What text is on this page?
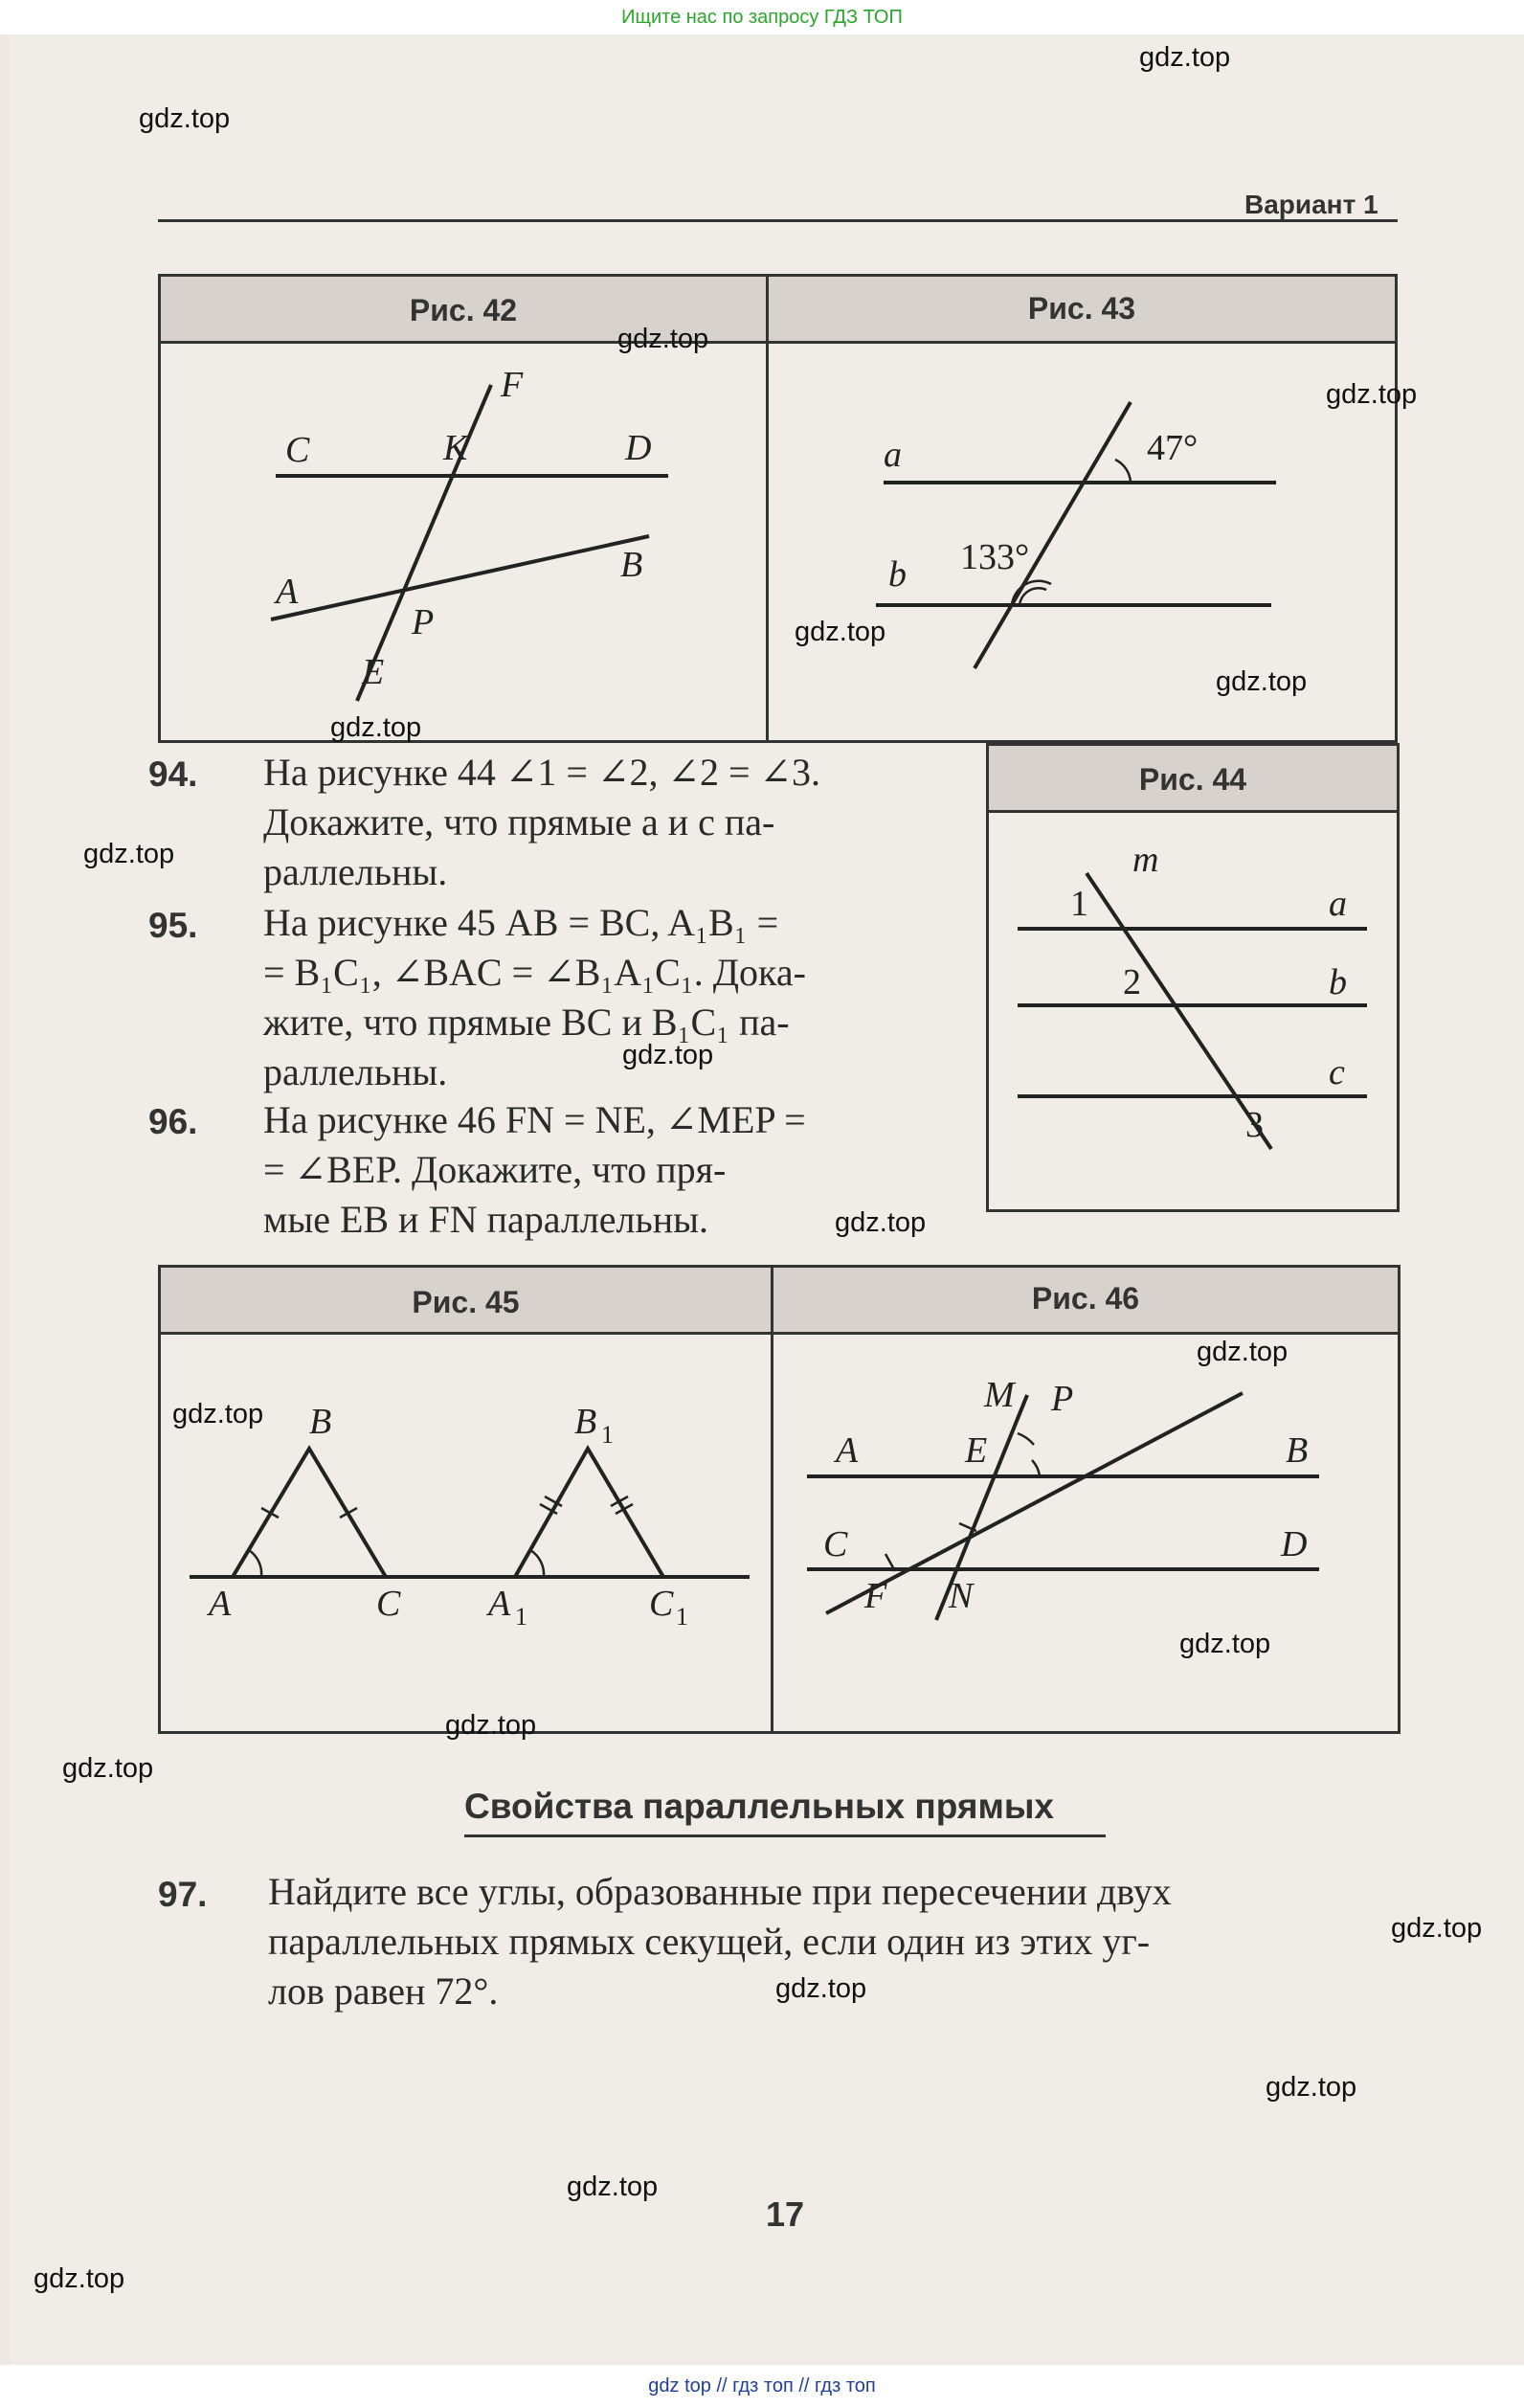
Ищите нас по запросу ГДЗ ТОП
Вариант 1
Рис. 42	Рис. 43
C	K	D
F
A
P
B
E
a
b
47°
133°
94. На рисунке 44 ∠1 = ∠2, ∠2 = ∠3.
Докажите, что прямые a и c па-
раллельны.
95. На рисунке 45 AB = BC, A₁B₁ =
= B₁C₁, ∠BAC = ∠B₁A₁C₁. Дока-
жите, что прямые BC и B₁C₁ па-
раллельны.
96. На рисунке 46 FN = NE, ∠MEP =
= ∠BEP. Докажите, что пря-
мые EB и FN параллельны.
Рис. 44
m
1
2
3
a
b
c
Рис. 45	Рис. 46
B
A	C
B 1
A 1	C 1
M P
A	E	B
C	D
F N
Свойства параллельных прямых
97. Найдите все углы, образованные при пересечении двух
параллельных прямых секущей, если один из этих уг-
лов равен 72°.
17
gdz.top
gdz.top
gdz.top
gdz.top
gdz.top
gdz.top
gdz.top
gdz.top
gdz.top
gdz.top
gdz.top
gdz.top
gdz.top
gdz.top
gdz.top
gdz.top
gdz.top
gdz.top
gdz.top
gdz.top
gdz top // гдз топ // гдз топ
